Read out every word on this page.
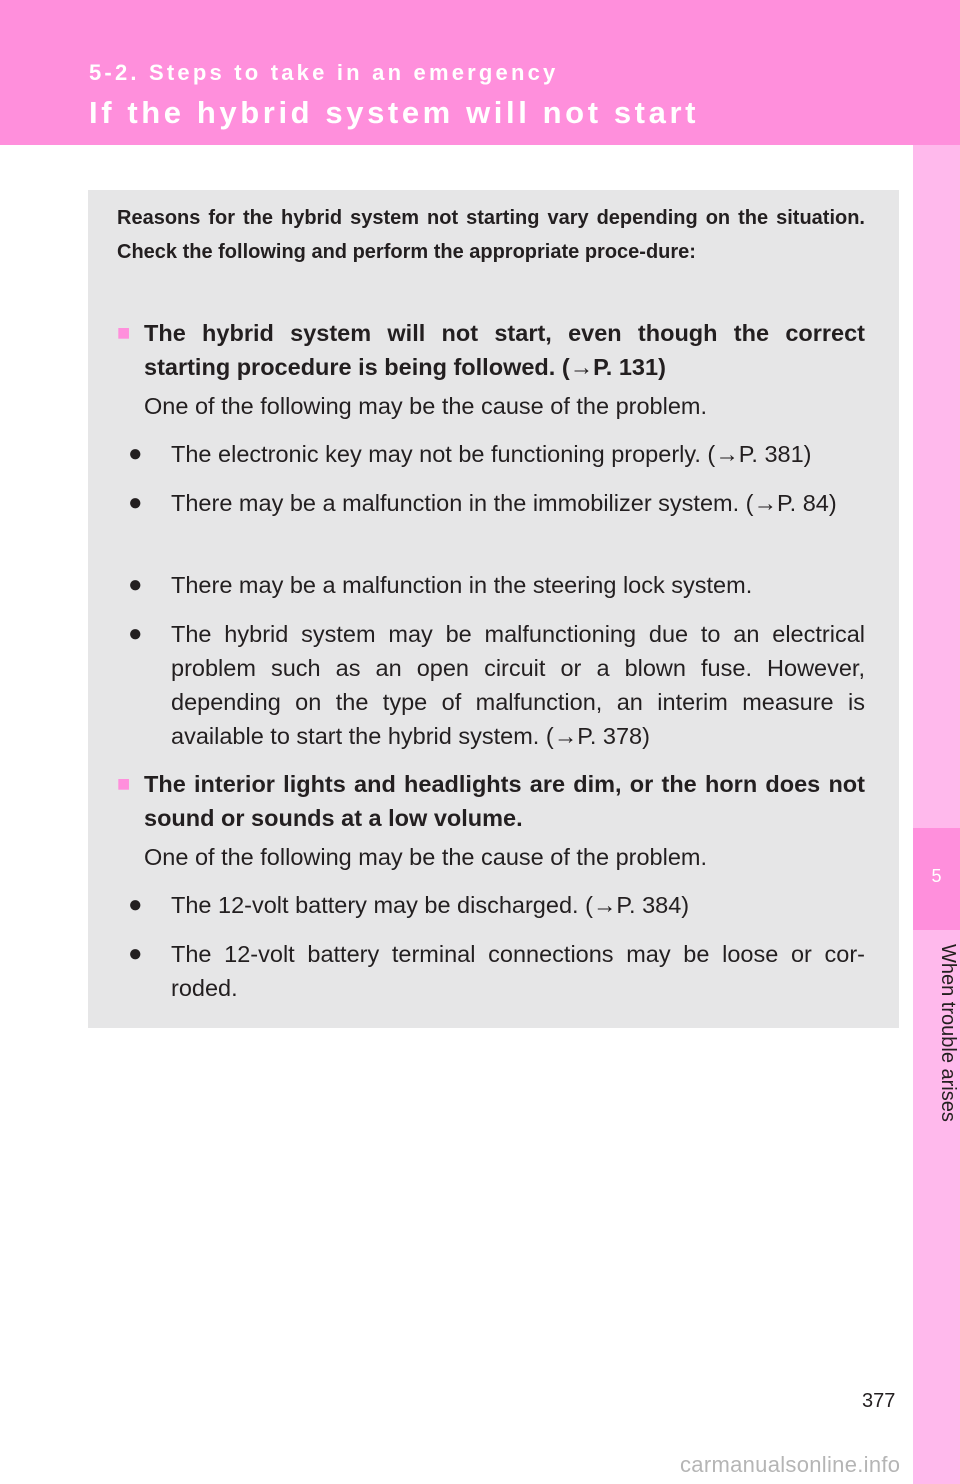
5-2. Steps to take in an emergency
If the hybrid system will not start
5
When trouble arises

Reasons for the hybrid system not starting vary depending on the situation. Check the following and perform the appropriate proce-dure:

■ The hybrid system will not start, even though the correct starting procedure is being followed. (→P. 131)

One of the following may be the cause of the problem.

● The electronic key may not be functioning properly. (→P. 381)
● There may be a malfunction in the immobilizer system. (→P. 84)
● There may be a malfunction in the steering lock system.
● The hybrid system may be malfunctioning due to an electrical problem such as an open circuit or a blown fuse. However, depending on the type of malfunction, an interim measure is available to start the hybrid system. (→P. 378)
■ The interior lights and headlights are dim, or the horn does not sound or sounds at a low volume.

One of the following may be the cause of the problem.

● The 12-volt battery may be discharged. (→P. 384)
● The 12-volt battery terminal connections may be loose or cor-roded.
377
carmanualsonline.info
